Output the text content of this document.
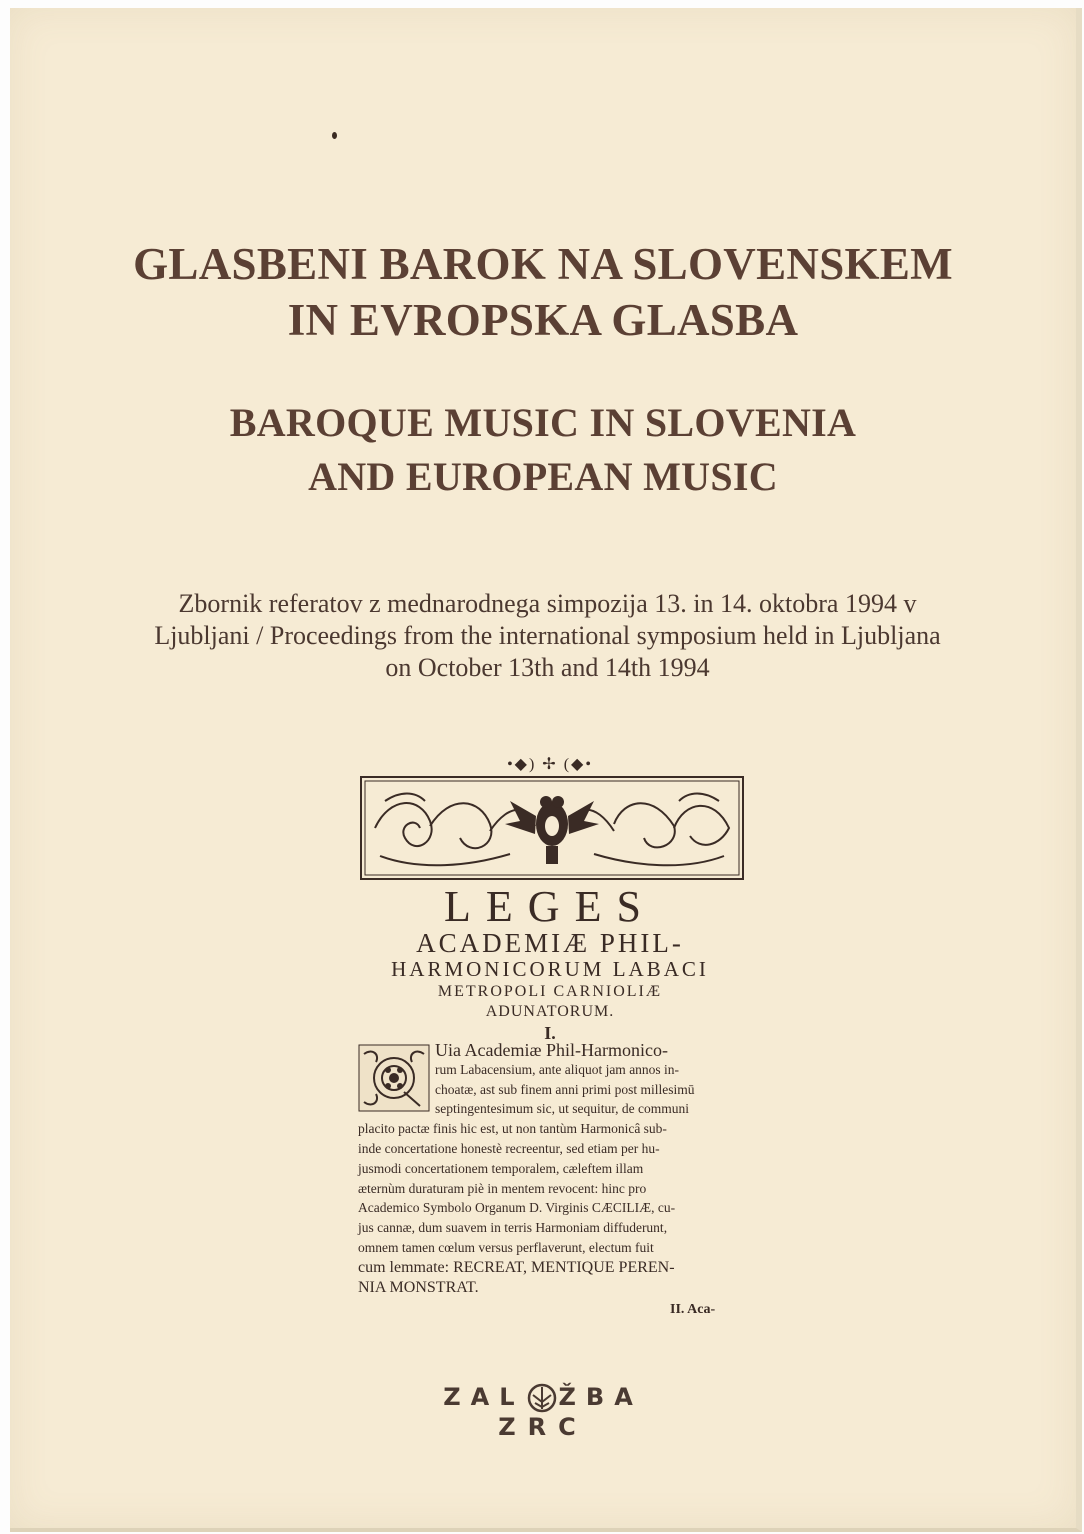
GLASBENI BAROK NA SLOVENSKEM
IN EVROPSKA GLASBA
BAROQUE MUSIC IN SLOVENIA
AND EUROPEAN MUSIC
Zbornik referatov z mednarodnega simpozija 13. in 14. oktobra 1994 v
Ljubljani / Proceedings from the international symposium held in Ljubljana
on October 13th and 14th 1994
•◆) ✢ (◆•
LEGES
ACADEMIÆ PHIL-
HARMONICORUM LABACI
METROPOLI CARNIOLIÆ
ADUNATORUM.
I.
Uia Academiæ Phil-Harmonico-
rum Labacensium, ante aliquot jam annos in-
choatæ, ast sub finem anni primi post millesimū
septingentesimum sic, ut sequitur, de communi
placito pactæ finis hic est, ut non tantùm Harmonicâ sub-
inde concertatione honestè recreentur, sed etiam per hu-
jusmodi concertationem temporalem, cæleftem illam
æternùm duraturam piè in mentem revocent: hinc pro
Academico Symbolo Organum D. Virginis CÆCILIÆ, cu-
jus cannæ, dum suavem in terris Harmoniam diffuderunt,
omnem tamen cœlum versus perflaverunt, electum fuit
cum lemmate: RECREAT, MENTIQUE PEREN-
NIA MONSTRAT.
II. Aca-
ZAL ŽBA
ZRC
